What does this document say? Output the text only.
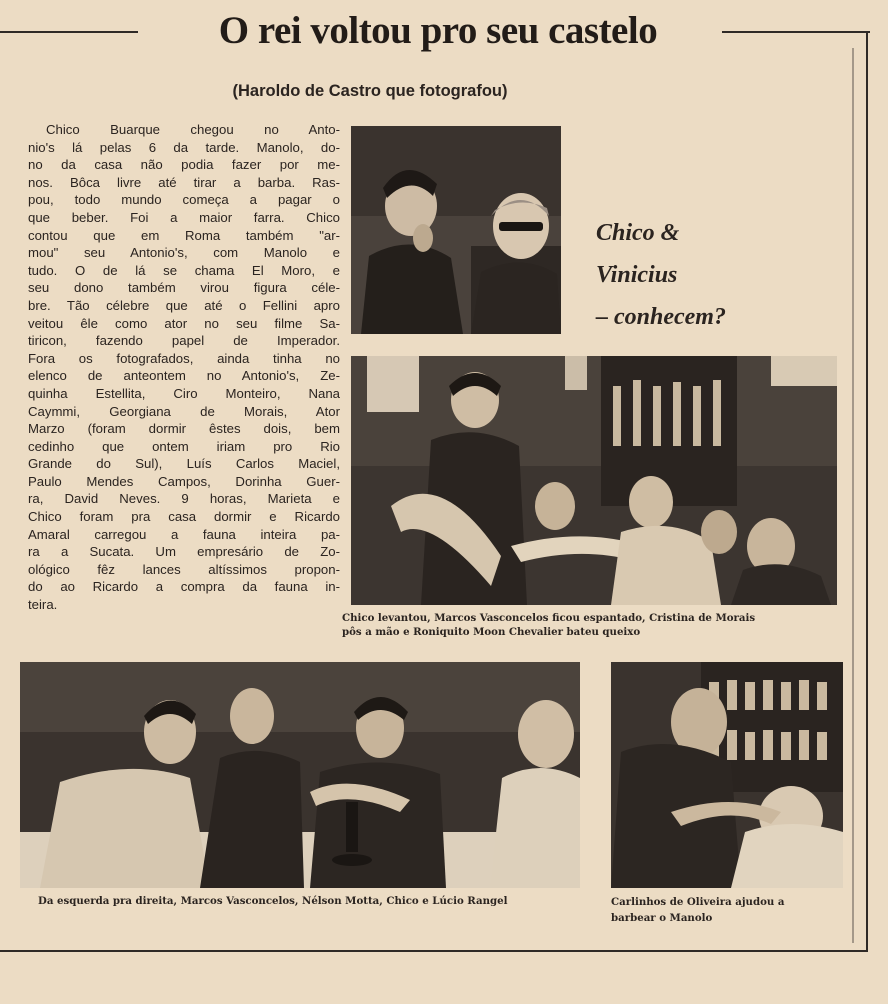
O rei voltou pro seu castelo
(Haroldo de Castro que fotografou)
Chico Buarque chegou no Anto-
nio's lá pelas 6 da tarde. Manolo, do-
no da casa não podia fazer por me-
nos. Bôca livre até tirar a barba. Ras-
pou, todo mundo começa a pagar o
que beber. Foi a maior farra. Chico
contou que em Roma também "ar-
mou" seu Antonio's, com Manolo e
tudo. O de lá se chama El Moro, e
seu dono também virou figura céle-
bre. Tão célebre que até o Fellini apro
veitou êle como ator no seu filme Sa-
tiricon, fazendo papel de Imperador.
Fora os fotografados, ainda tinha no
elenco de anteontem no Antonio's, Ze-
quinha Estellita, Ciro Monteiro, Nana
Caymmi, Georgiana de Morais, Ator
Marzo (foram dormir êstes dois, bem
cedinho que ontem iriam pro Rio
Grande do Sul), Luís Carlos Maciel,
Paulo Mendes Campos, Dorinha Guer-
ra, David Neves. 9 horas, Marieta e
Chico foram pra casa dormir e Ricardo
Amaral carregou a fauna inteira pa-
ra a Sucata. Um empresário de Zo-
ológico fêz lances altíssimos propon-
do ao Ricardo a compra da fauna in-
teira.
Chico &
Vinicius
– conhecem?
Chico levantou, Marcos Vasconcelos ficou espantado, Cristina de Morais
pôs a mão e Roniquito Moon Chevalier bateu queixo
Da esquerda pra direita, Marcos Vasconcelos, Nélson Motta, Chico e Lúcio Rangel	Carlinhos de Oliveira ajudou a
barbear o Manolo
